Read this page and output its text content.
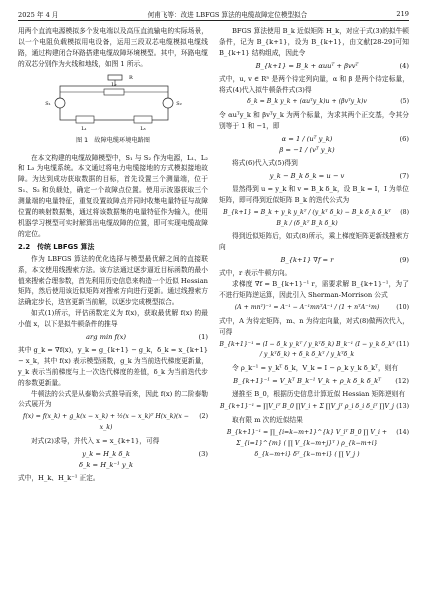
2025 年 4 月	何甫飞等：改进 LBFGS 算法的电缆故障定位模型拟合	219

用两个直流电源模拟多个发电端以及高压直流输电的实际场景，以一个电阻负载模拟用电设备，运用三段双芯电缆模拟电缆线路，通过构建闭合环路搭建电缆故障环境模型。其中，环路电缆的双芯分别作为火线和地线，如图 1 所示。

L₁
L₂
L₃
S₁	S₂
R
图 1　故障电缆环境电路图

在本文构建的电缆故障模型中，S₁ 与 S₂ 作为电源，L₁、L₂ 和 L₃ 为电缆系统。本文通过将电力电缆接地的方式模拟接地故障。为达到成功获取数据的目标，首先设置三个测量端，位于 S₁、S₂ 和负载处，确定一个故障点位置。使用示波器获取三个测量端的电量特征，重复设置故障点并同时收集电量特征与故障位置的映射数据集，通过将该数据集的电量特征作为输入，使用机器学习模型可实时解算出电缆故障的位置，即可实现电缆故障的定位。

2.2　传统 LBFGS 算法

作为 LBFGS 算法的优化选择与模型最优解之间的直接联系，本文使用线搜索方法。该方法通过逐步逼近目标函数的最小值来搜索合理参数，首先利用历史信息来构造一个近似 Hessian 矩阵，然后使用该近似矩阵对搜索方向进行更新。通过线搜索方法确定步长，迭宫更新当前解，以逐步完成模型拟合。

如式(1)所示，评估函数定义为 f(x)，获取最优解 f(x) 的最小值 x，以下是拟牛顿条件的推导

arg min f(x)	(1)

其中 g_k = ∇f(x)，y_k = g_{k+1} − g_k，δ_k = x_{k+1} − x_k，其中 f(x) 表示模型函数，g_k 为当前迭代梯度更新量，y_k 表示当前梯度与上一次迭代梯度的差值，δ_k 为当前迭代步的参数更新量。

牛顿法的公式是从泰勒公式推导而来，因此 f(x) 的二阶泰勒公式展开为

f(x) = f(x_k) + g_k(x − x_k) + ½(x − x_k)ᵀ H(x_k)(x − x_k)
(2)

对式(2)求导，并代入 x = x_{k+1}，可得

y_k = H_k δ_k
δ_k = H_k⁻¹ y_k
(3)

式中，H_k、H_k⁻¹ 正定。

BFGS 算法使用 B_k 近似矩阵 H_k，对应于式(3)的拟牛顿条件，记为 B_{k+1}，设为 B_{k+1}，由文献[28-29]可知 B_{k+1} 结构组成，因此令

B_{k+1} = B_k + αuuᵀ + βvvᵀ	(4)

式中，u, v ∈ Rⁿ 是两个待定列向量，α 和 β 是两个待定标量，将式(4)代入拟牛顿条件式(3)得

δ_k = B_k y_k + (αuᵀy_k)u + (βvᵀy_k)v	(5)

令 αuᵀy_k 和 βvᵀy_k 为两个标量，为求其两个正交基，令其分别等于 1 和 −1，即

α = 1 / (uᵀ y_k)
β = −1 / (vᵀ y_k)
(6)

将式(6)代入式(5)得到

y_k − B_k δ_k = u − v	(7)

显然得到 u = y_k 和 v = B_k δ_k，设 B_k = I，I 为单位矩阵，即可得到近似矩阵 B_k 的迭代公式为

B_{k+1} = B_k + y_k y_kᵀ / (y_kᵀ δ_k) − B_k δ_k δ_kᵀ B_k / (δ_kᵀ B_k δ_k)
(8)

得到近似矩阵后，如式(8)所示，乘上梯度矩阵更新线搜索方向

B_{k+1} ∇f = r	(9)

式中，r 表示牛顿方向。

求梯度 ∇f = B_{k+1}⁻¹ r，需要求解 B_{k+1}⁻¹，为了不进行矩阵逆运算，因此引入 Sherman-Morrison 公式

(A + mnᵀ)⁻¹ = A⁻¹ − A⁻¹mnᵀA⁻¹ / (1 + nᵀA⁻¹m)	(10)

式中，A 为待定矩阵，m、n 为待定向量，对式(8)做两次代入，可得

B_{k+1}⁻¹ = (I − δ_k y_kᵀ / y_kᵀδ_k) B_k⁻¹ (I − y_k δ_kᵀ / y_kᵀδ_k) + δ_k δ_kᵀ / y_kᵀδ_k
(11)

令 ρ_k⁻¹ = y_kᵀ δ_k，V_k = I − ρ_k y_k δ_kᵀ，则有

B_{k+1}⁻¹ = V_kᵀ B_k⁻¹ V_k + ρ_k δ_k δ_kᵀ (12)

递推至 B_0，根据历史信息计算近似 Hessian 矩阵逆则有

B_{k+1}⁻¹ = ∏V_iᵀ B_0 ∏V_i + Σ ∏V_jᵀ ρ_i δ_i δ_iᵀ ∏V_j (13)

取有限 m 次的近似结果

B_{k+1}⁻¹ = ∏_{i=k−m+1}^{k} V_iᵀ B_0 ∏ V_i +
Σ_{i=1}^{m} ( ∏ V_{k−m+j}ᵀ ) ρ_{k−m+i} δ_{k−m+i} δᵀ_{k−m+i} ( ∏ V_j )
(14)
